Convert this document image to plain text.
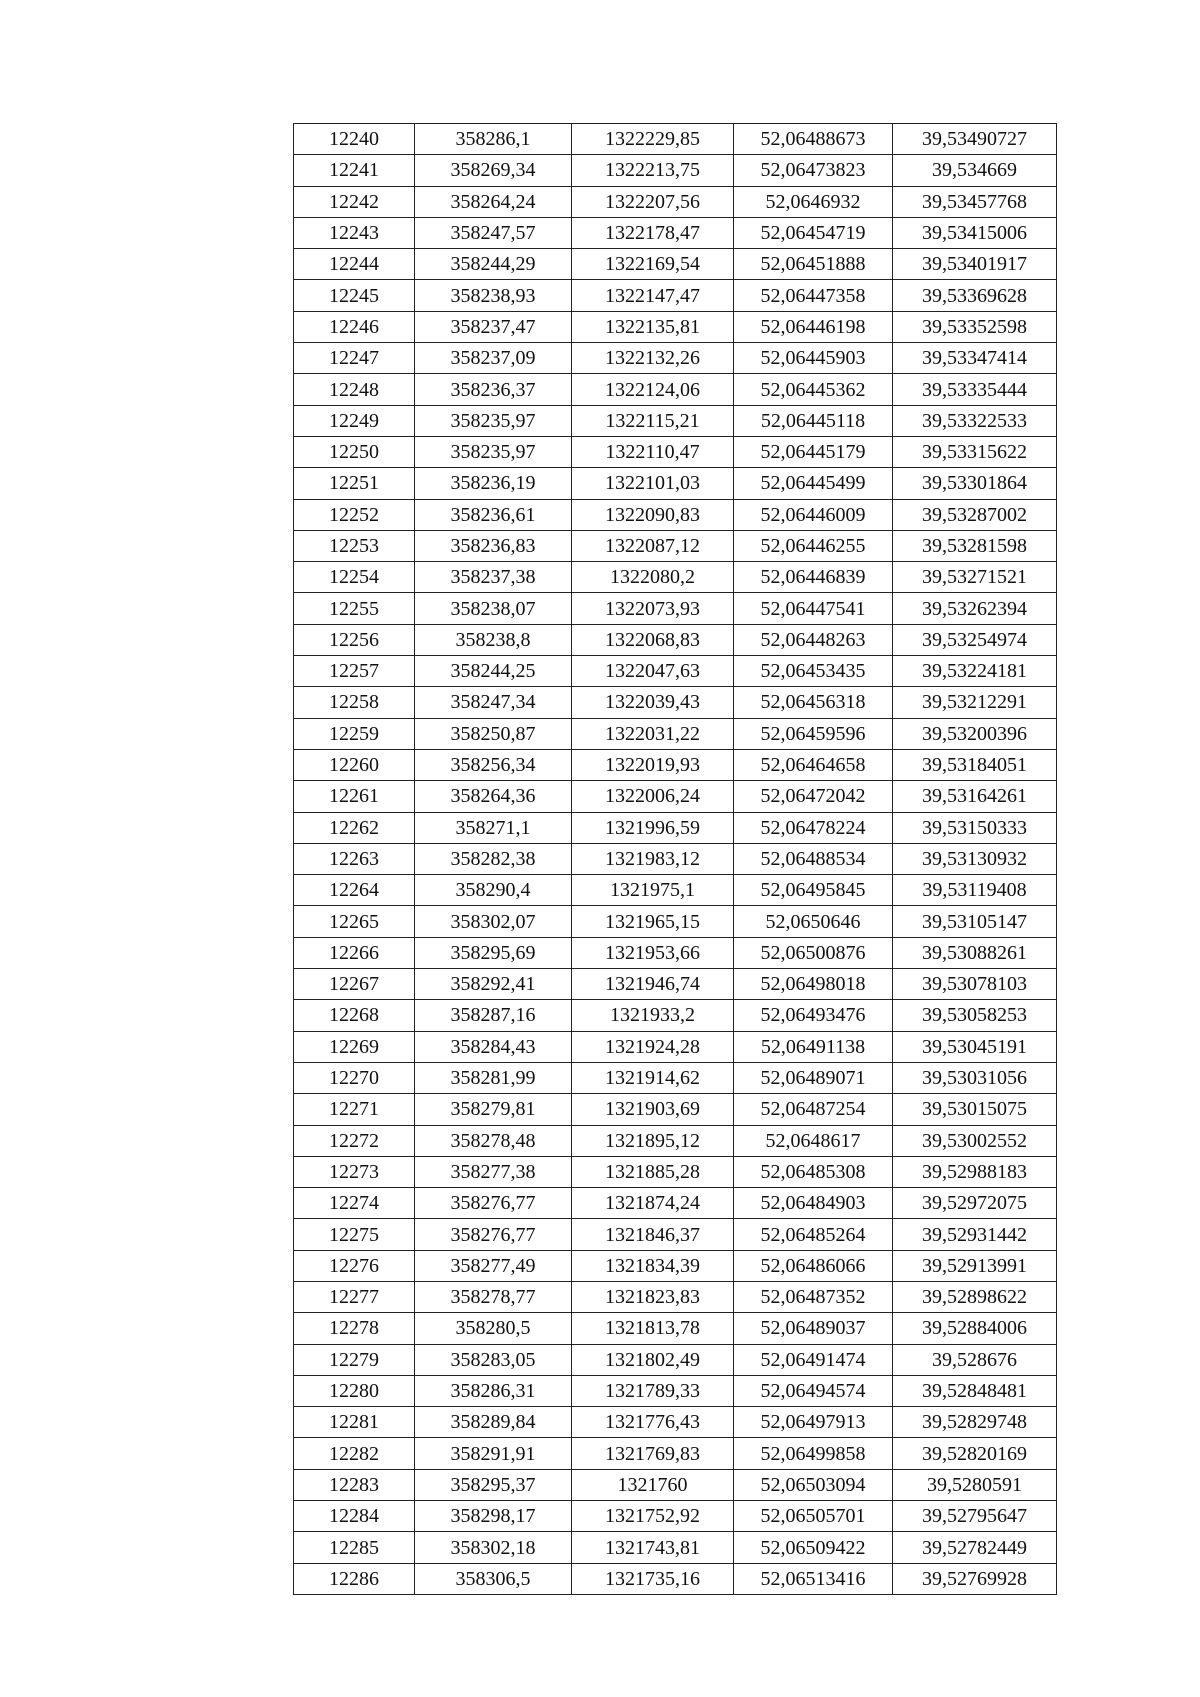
12240	358286,1	1322229,85	52,06488673	39,53490727
12241	358269,34	1322213,75	52,06473823	39,534669
12242	358264,24	1322207,56	52,0646932	39,53457768
12243	358247,57	1322178,47	52,06454719	39,53415006
12244	358244,29	1322169,54	52,06451888	39,53401917
12245	358238,93	1322147,47	52,06447358	39,53369628
12246	358237,47	1322135,81	52,06446198	39,53352598
12247	358237,09	1322132,26	52,06445903	39,53347414
12248	358236,37	1322124,06	52,06445362	39,53335444
12249	358235,97	1322115,21	52,06445118	39,53322533
12250	358235,97	1322110,47	52,06445179	39,53315622
12251	358236,19	1322101,03	52,06445499	39,53301864
12252	358236,61	1322090,83	52,06446009	39,53287002
12253	358236,83	1322087,12	52,06446255	39,53281598
12254	358237,38	1322080,2	52,06446839	39,53271521
12255	358238,07	1322073,93	52,06447541	39,53262394
12256	358238,8	1322068,83	52,06448263	39,53254974
12257	358244,25	1322047,63	52,06453435	39,53224181
12258	358247,34	1322039,43	52,06456318	39,53212291
12259	358250,87	1322031,22	52,06459596	39,53200396
12260	358256,34	1322019,93	52,06464658	39,53184051
12261	358264,36	1322006,24	52,06472042	39,53164261
12262	358271,1	1321996,59	52,06478224	39,53150333
12263	358282,38	1321983,12	52,06488534	39,53130932
12264	358290,4	1321975,1	52,06495845	39,53119408
12265	358302,07	1321965,15	52,0650646	39,53105147
12266	358295,69	1321953,66	52,06500876	39,53088261
12267	358292,41	1321946,74	52,06498018	39,53078103
12268	358287,16	1321933,2	52,06493476	39,53058253
12269	358284,43	1321924,28	52,06491138	39,53045191
12270	358281,99	1321914,62	52,06489071	39,53031056
12271	358279,81	1321903,69	52,06487254	39,53015075
12272	358278,48	1321895,12	52,0648617	39,53002552
12273	358277,38	1321885,28	52,06485308	39,52988183
12274	358276,77	1321874,24	52,06484903	39,52972075
12275	358276,77	1321846,37	52,06485264	39,52931442
12276	358277,49	1321834,39	52,06486066	39,52913991
12277	358278,77	1321823,83	52,06487352	39,52898622
12278	358280,5	1321813,78	52,06489037	39,52884006
12279	358283,05	1321802,49	52,06491474	39,528676
12280	358286,31	1321789,33	52,06494574	39,52848481
12281	358289,84	1321776,43	52,06497913	39,52829748
12282	358291,91	1321769,83	52,06499858	39,52820169
12283	358295,37	1321760	52,06503094	39,5280591
12284	358298,17	1321752,92	52,06505701	39,52795647
12285	358302,18	1321743,81	52,06509422	39,52782449
12286	358306,5	1321735,16	52,06513416	39,52769928
